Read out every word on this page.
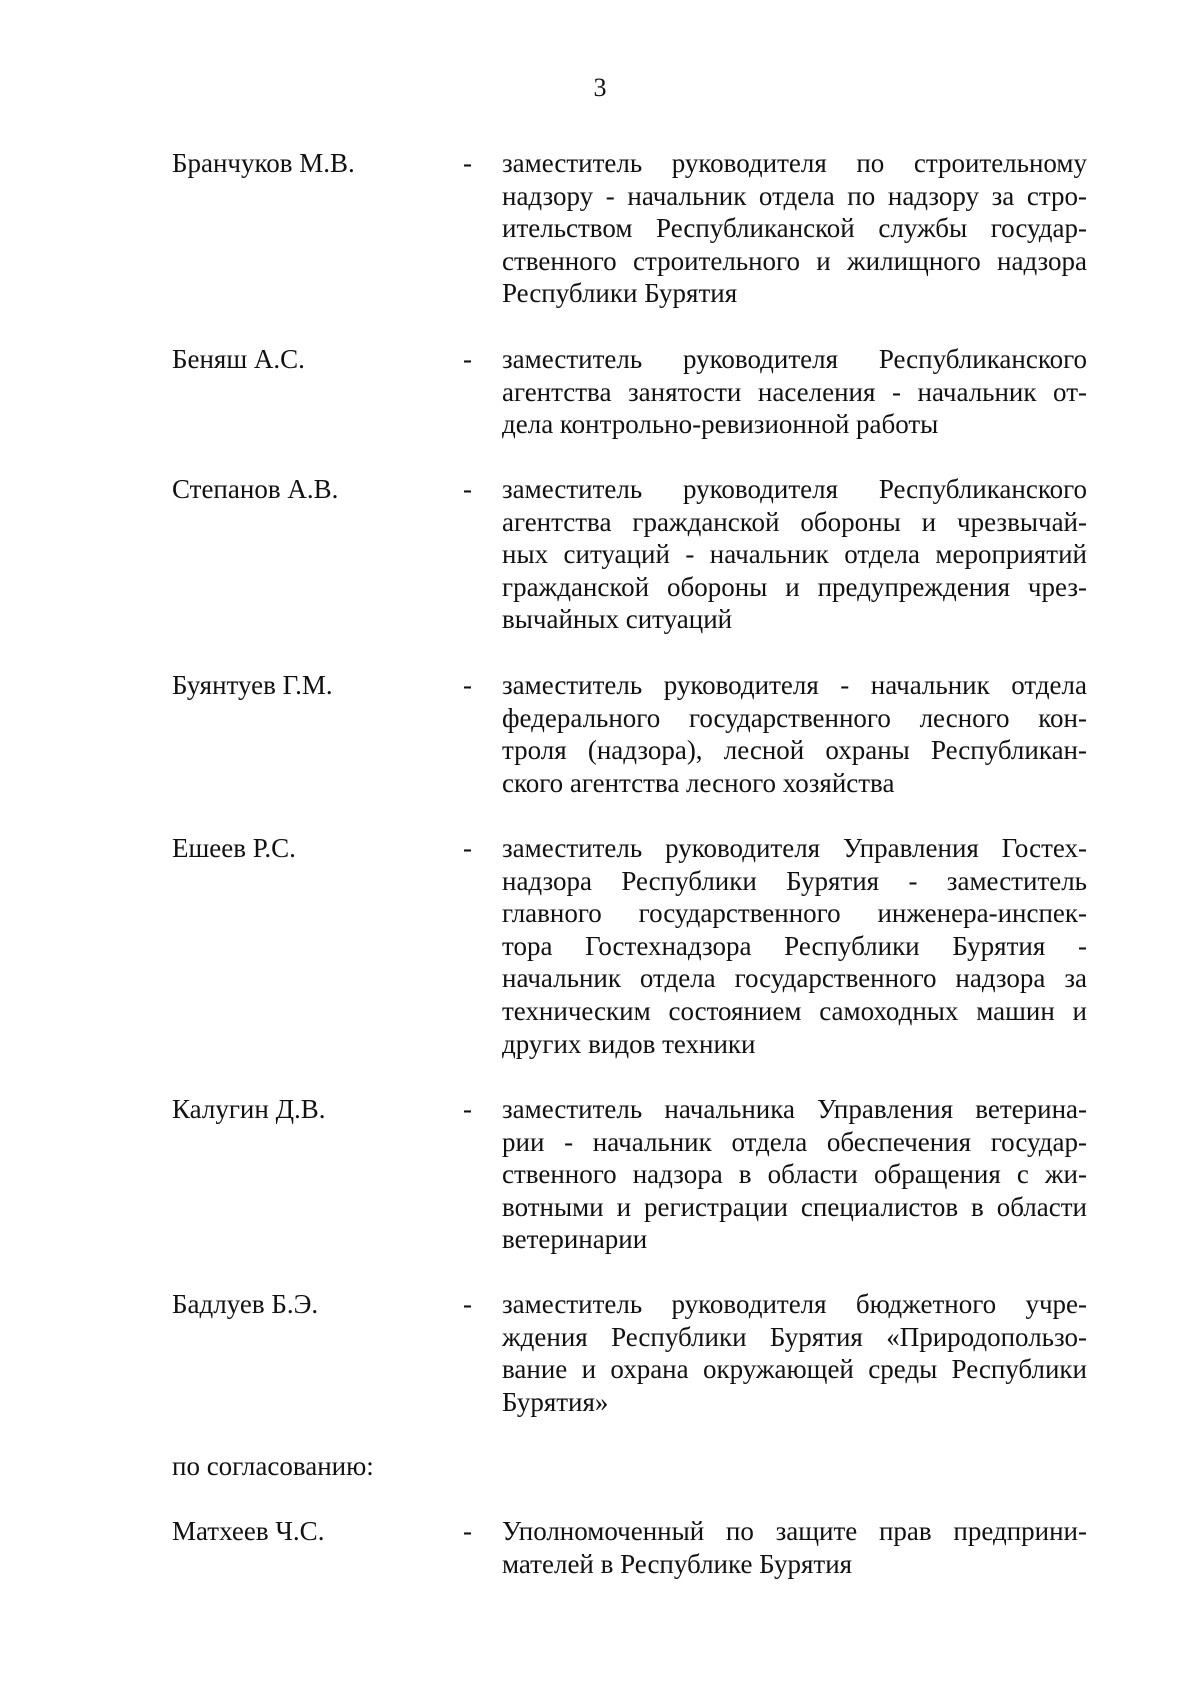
3
Бранчуков М.В.	- заместитель руководителя по строительному
надзору - начальник отдела по надзору за стро-
ительством Республиканской службы государ-
ственного строительного и жилищного надзора
Республики Бурятия
Беняш А.С.	- заместитель руководителя Республиканского
агентства занятости населения - начальник от-
дела контрольно-ревизионной работы
Степанов А.В.	- заместитель руководителя Республиканского
агентства гражданской обороны и чрезвычай-
ных ситуаций - начальник отдела мероприятий
гражданской обороны и предупреждения чрез-
вычайных ситуаций
Буянтуев Г.М.	- заместитель руководителя - начальник отдела
федерального государственного лесного кон-
троля (надзора), лесной охраны Республикан-
ского агентства лесного хозяйства
Ешеев Р.С.	- заместитель руководителя Управления Гостех-
надзора Республики Бурятия - заместитель
главного государственного инженера-инспек-
тора Гостехнадзора Республики Бурятия -
начальник отдела государственного надзора за
техническим состоянием самоходных машин и
других видов техники
Калугин Д.В.	- заместитель начальника Управления ветерина-
рии - начальник отдела обеспечения государ-
ственного надзора в области обращения с жи-
вотными и регистрации специалистов в области
ветеринарии
Бадлуев Б.Э.	- заместитель руководителя бюджетного учре-
ждения Республики Бурятия «Природопользо-
вание и охрана окружающей среды Республики
Бурятия»
по согласованию:
Матхеев Ч.С.	- Уполномоченный по защите прав предприни-
мателей в Республике Бурятия
